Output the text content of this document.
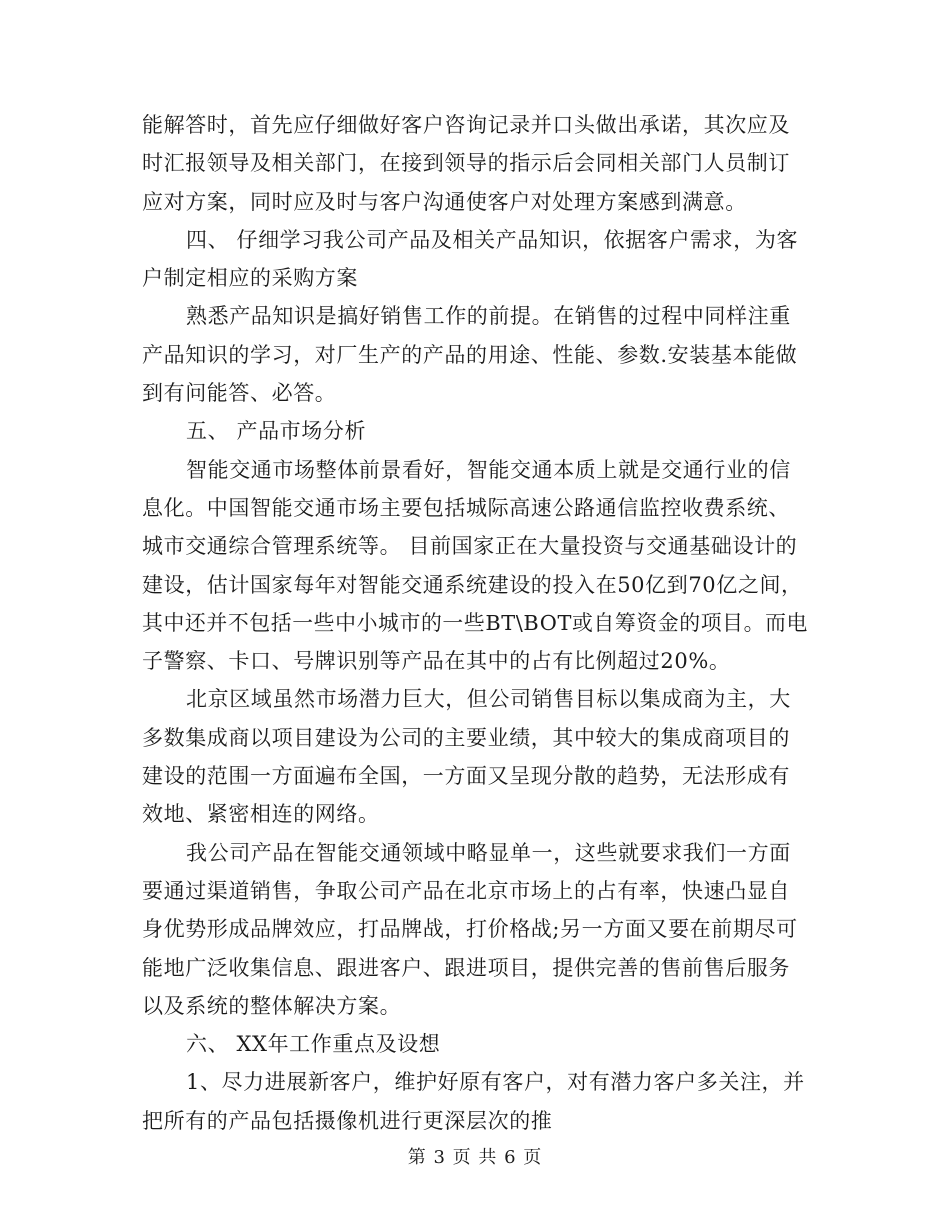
能解答时，首先应仔细做好客户咨询记录并口头做出承诺，其次应及
时汇报领导及相关部门，在接到领导的指示后会同相关部门人员制订
应对方案，同时应及时与客户沟通使客户对处理方案感到满意。
四、 仔细学习我公司产品及相关产品知识，依据客户需求，为客
户制定相应的采购方案
熟悉产品知识是搞好销售工作的前提。在销售的过程中同样注重
产品知识的学习，对厂生产的产品的用途、性能、参数.安装基本能做
到有问能答、必答。
五、 产品市场分析
智能交通市场整体前景看好，智能交通本质上就是交通行业的信
息化。中国智能交通市场主要包括城际高速公路通信监控收费系统、
城市交通综合管理系统等。 目前国家正在大量投资与交通基础设计的
建设，估计国家每年对智能交通系统建设的投入在50亿到70亿之间，
其中还并不包括一些中小城市的一些BT\BOT或自筹资金的项目。而电
子警察、卡口、号牌识别等产品在其中的占有比例超过20%。
北京区域虽然市场潜力巨大，但公司销售目标以集成商为主，大
多数集成商以项目建设为公司的主要业绩，其中较大的集成商项目的
建设的范围一方面遍布全国，一方面又呈现分散的趋势，无法形成有
效地、紧密相连的网络。
我公司产品在智能交通领域中略显单一，这些就要求我们一方面
要通过渠道销售，争取公司产品在北京市场上的占有率，快速凸显自
身优势形成品牌效应，打品牌战，打价格战;另一方面又要在前期尽可
能地广泛收集信息、跟进客户、跟进项目，提供完善的售前售后服务
以及系统的整体解决方案。
六、 XX年工作重点及设想
1、尽力进展新客户，维护好原有客户，对有潜力客户多关注，并
把所有的产品包括摄像机进行更深层次的推
第 3 页 共 6 页
